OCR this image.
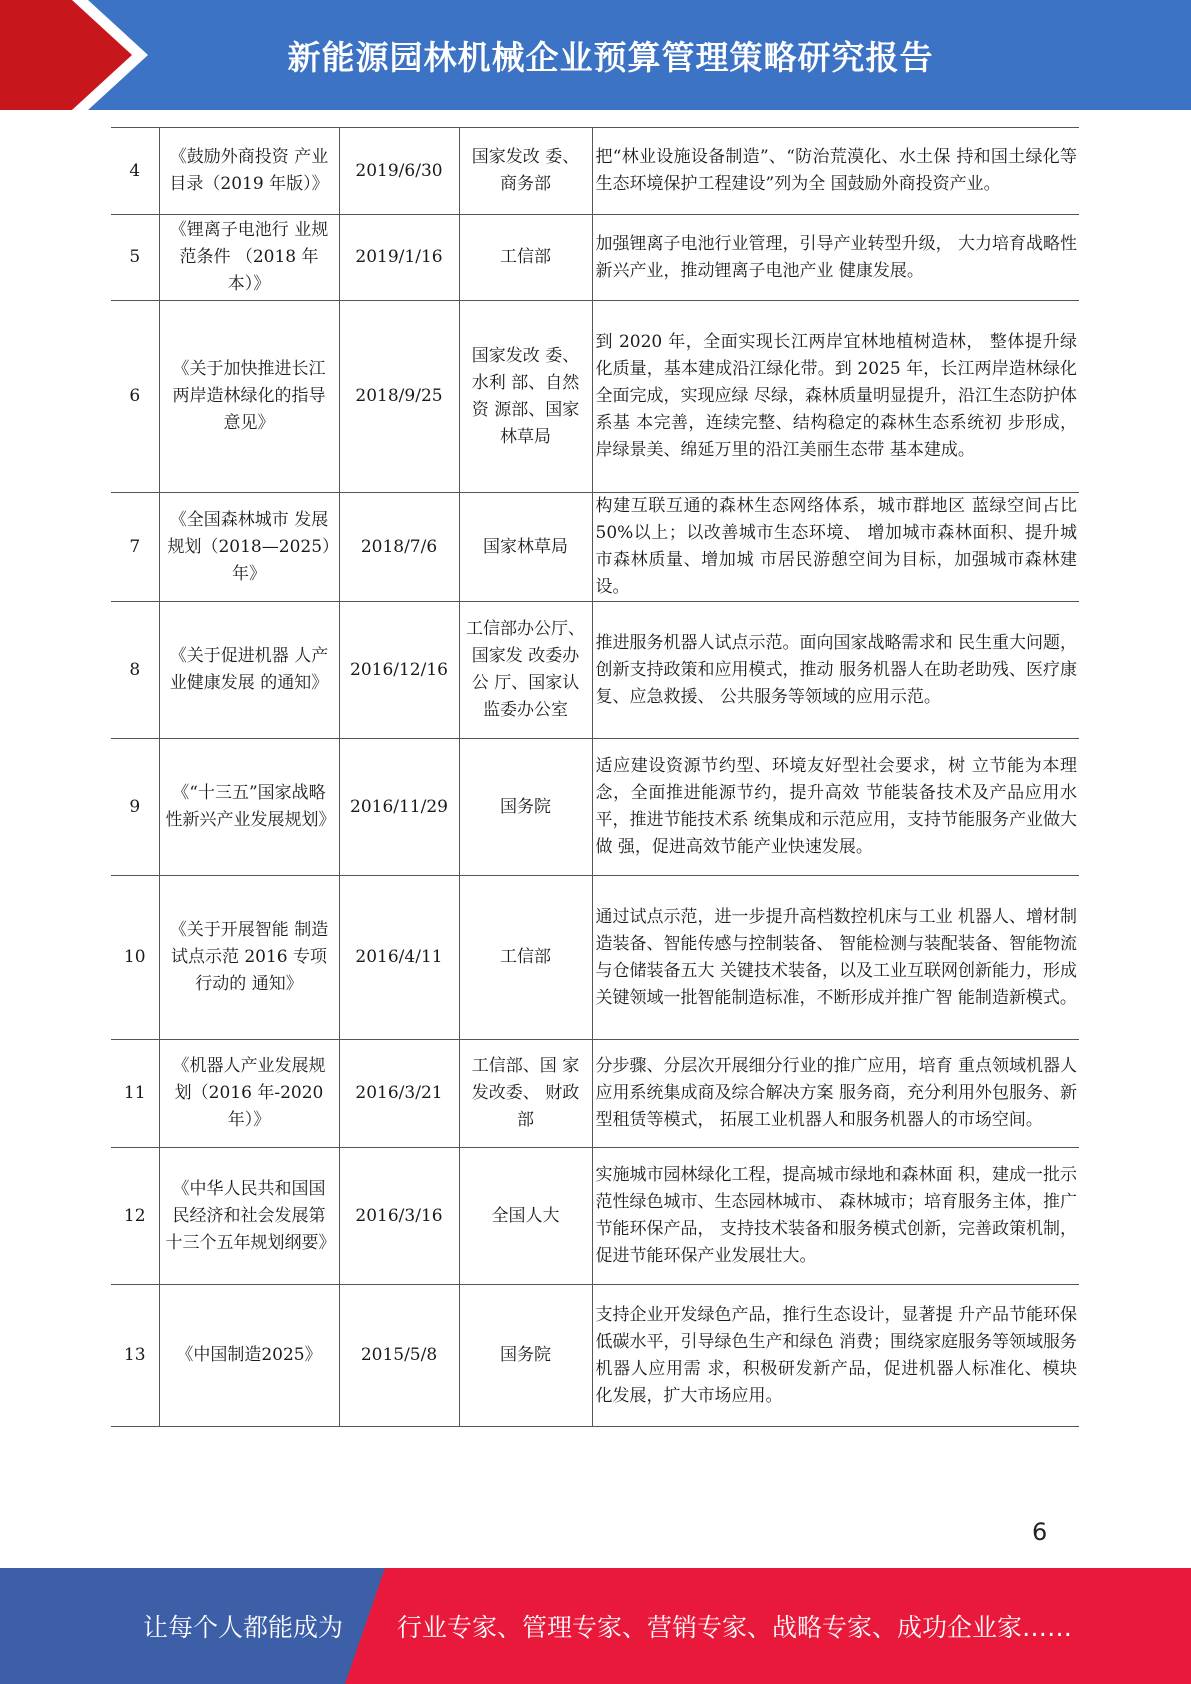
新能源园林机械企业预算管理策略研究报告
4	《鼓励外商投资 产业目录（2019 年版）》	2019/6/30	国家发改 委、商务部	把“林业设施设备制造”、“防治荒漠化、水土保 持和国土绿化等生态环境保护工程建设”列为全 国鼓励外商投资产业。
5	《锂离子电池行 业规范条件 （2018 年本）》	2019/1/16	工信部	加强锂离子电池行业管理，引导产业转型升级， 大力培育战略性新兴产业，推动锂离子电池产业 健康发展。
6	《关于加快推进长江两岸造林绿化的指导意见》	2018/9/25	国家发改 委、水利 部、自然资 源部、国家林草局	到 2020 年，全面实现长江两岸宜林地植树造林， 整体提升绿化质量，基本建成沿江绿化带。到 2025 年，长江两岸造林绿化全面完成，实现应绿 尽绿，森林质量明显提升，沿江生态防护体系基 本完善，连续完整、结构稳定的森林生态系统初 步形成，岸绿景美、绵延万里的沿江美丽生态带 基本建成。
7	《全国森林城市 发展规划（2018—2025）年》	2018/7/6	国家林草局	构建互联互通的森林生态网络体系，城市群地区 蓝绿空间占比 50%以上；以改善城市生态环境、 增加城市森林面积、提升城市森林质量、增加城 市居民游憩空间为目标，加强城市森林建设。
8	《关于促进机器 人产业健康发展 的通知》	2016/12/16	工信部办公厅、国家发 改委办公 厅、国家认 监委办公室	推进服务机器人试点示范。面向国家战略需求和 民生重大问题，创新支持政策和应用模式，推动 服务机器人在助老助残、医疗康复、应急救援、 公共服务等领域的应用示范。
9	《“十三五”国家战略性新兴产业发展规划》	2016/11/29	国务院	适应建设资源节约型、环境友好型社会要求，树 立节能为本理念，全面推进能源节约，提升高效 节能装备技术及产品应用水平，推进节能技术系 统集成和示范应用，支持节能服务产业做大做 强，促进高效节能产业快速发展。
10	《关于开展智能 制造试点示范 2016 专项行动的 通知》	2016/4/11	工信部	通过试点示范，进一步提升高档数控机床与工业 机器人、增材制造装备、智能传感与控制装备、 智能检测与装配装备、智能物流与仓储装备五大 关键技术装备，以及工业互联网创新能力，形成 关键领域一批智能制造标准，不断形成并推广智 能制造新模式。
11	《机器人产业发展规划（2016 年-2020 年）》	2016/3/21	工信部、国 家发改委、 财政部	分步骤、分层次开展细分行业的推广应用，培育 重点领域机器人应用系统集成商及综合解决方案 服务商，充分利用外包服务、新型租赁等模式， 拓展工业机器人和服务机器人的市场空间。
12	《中华人民共和国国民经济和社会发展第十三个五年规划纲要》	2016/3/16	全国人大	实施城市园林绿化工程，提高城市绿地和森林面 积，建成一批示范性绿色城市、生态园林城市、 森林城市；培育服务主体，推广节能环保产品， 支持技术装备和服务模式创新，完善政策机制， 促进节能环保产业发展壮大。
13	《中国制造2025》	2015/5/8	国务院	支持企业开发绿色产品，推行生态设计，显著提 升产品节能环保低碳水平，引导绿色生产和绿色 消费；围绕家庭服务等领域服务机器人应用需 求，积极研发新产品，促进机器人标准化、模块 化发展，扩大市场应用。
6
让每个人都能成为 行业专家、管理专家、营销专家、战略专家、成功企业家……
